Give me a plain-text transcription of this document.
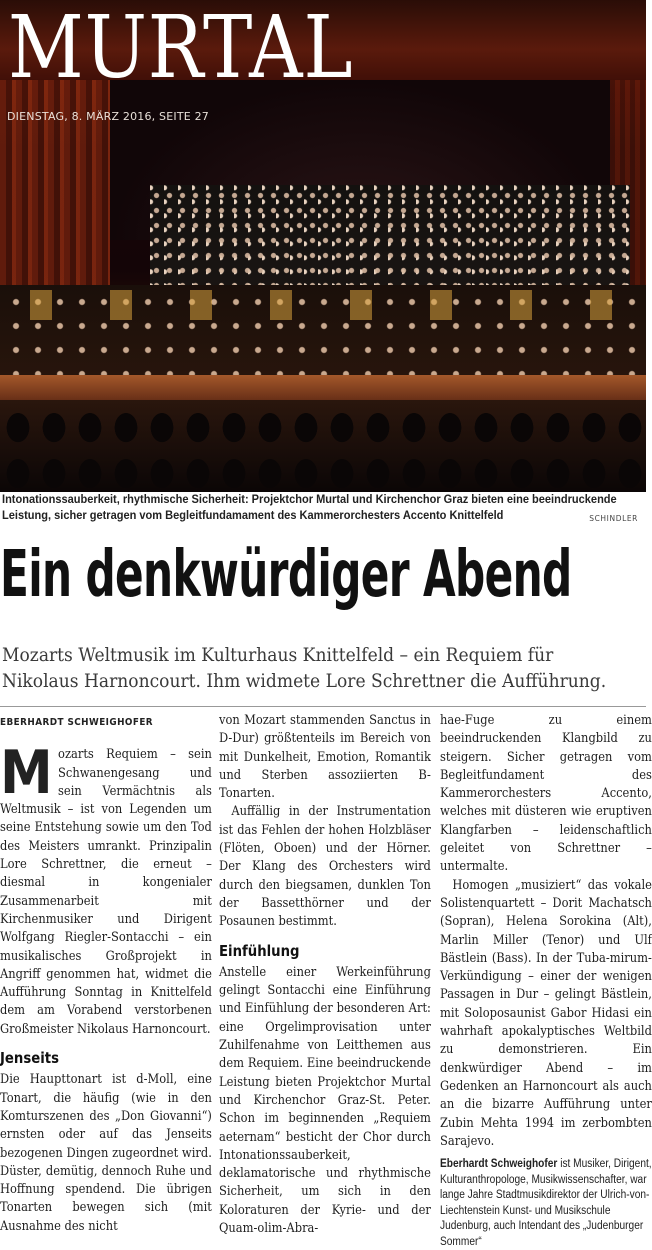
MURTAL

DIENSTAG, 8. MÄRZ 2016, SEITE 27

Intonationssauberkeit, rhythmische Sicherheit: Projektchor Murtal und Kirchenchor Graz bieten eine beeindruckende Leistung, sicher getragen vom Begleitfundamament des Kammerorchesters Accento Knittelfeld	SCHINDLER

Ein denkwürdiger Abend

Mozarts Weltmusik im Kulturhaus Knittelfeld – ein Requiem für Nikolaus Harnoncourt. Ihm widmete Lore Schrettner die Aufführung.

EBERHARDT SCHWEIGHOFER

Mozarts Requiem – sein Schwanengesang und sein Vermächtnis als Weltmusik – ist von Legenden um seine Entstehung sowie um den Tod des Meisters umrankt. Prinzipalin Lore Schrettner, die erneut – diesmal in kongenialer Zusammenarbeit mit Kirchenmusiker und Dirigent Wolfgang Riegler-Sontacchi – ein musikalisches Großprojekt in Angriff genommen hat, widmet die Aufführung Sonntag in Knittelfeld dem am Vorabend verstorbenen Großmeister Nikolaus Harnoncourt.

Jenseits

Die Haupttonart ist d-Moll, eine Tonart, die häufig (wie in den Komturszenen des „Don Giovanni“) ernsten oder auf das Jenseits bezogenen Dingen zugeordnet wird. Düster, demütig, dennoch Ruhe und Hoffnung spendend. Die übrigen Tonarten bewegen sich (mit Ausnahme des nicht

von Mozart stammenden Sanctus in D-Dur) größtenteils im Bereich von mit Dunkelheit, Emotion, Romantik und Sterben assoziierten B-Tonarten.

Auffällig in der Instrumentation ist das Fehlen der hohen Holzbläser (Flöten, Oboen) und der Hörner. Der Klang des Orchesters wird durch den biegsamen, dunklen Ton der Bassetthörner und der Posaunen bestimmt.

Einfühlung

Anstelle einer Werkeinführung gelingt Sontacchi eine Einführung und Einfühlung der besonderen Art: eine Orgelimprovisation unter Zuhilfenahme von Leitthemen aus dem Requiem. Eine beeindruckende Leistung bieten Projektchor Murtal und Kirchenchor Graz-St. Peter. Schon im beginnenden „Requiem aeternam“ besticht der Chor durch Intonationssauberkeit, deklamatorische und rhythmische Sicherheit, um sich in den Koloraturen der Kyrie- und der Quam-olim-Abra-

hae-Fuge zu einem beeindruckenden Klangbild zu steigern. Sicher getragen vom Begleitfundament des Kammerorchesters Accento, welches mit düsteren wie eruptiven Klangfarben – leidenschaftlich geleitet von Schrettner – untermalte.

Homogen „musiziert“ das vokale Solistenquartett – Dorit Machatsch (Sopran), Helena Sorokina (Alt), Marlin Miller (Tenor) und Ulf Bästlein (Bass). In der Tuba-mirum-Verkündigung – einer der wenigen Passagen in Dur – gelingt Bästlein, mit Soloposaunist Gabor Hidasi ein wahrhaft apokalyptisches Weltbild zu demonstrieren. Ein denkwürdiger Abend – im Gedenken an Harnoncourt als auch an die bizarre Aufführung unter Zubin Mehta 1994 im zerbombten Sarajevo.

Eberhardt Schweighofer ist Musiker, Dirigent, Kulturanthropologe, Musikwissenschafter, war lange Jahre Stadtmusikdirektor der Ulrich-von-Liechtenstein Kunst- und Musikschule Judenburg, auch Intendant des „Judenburger Sommer“
